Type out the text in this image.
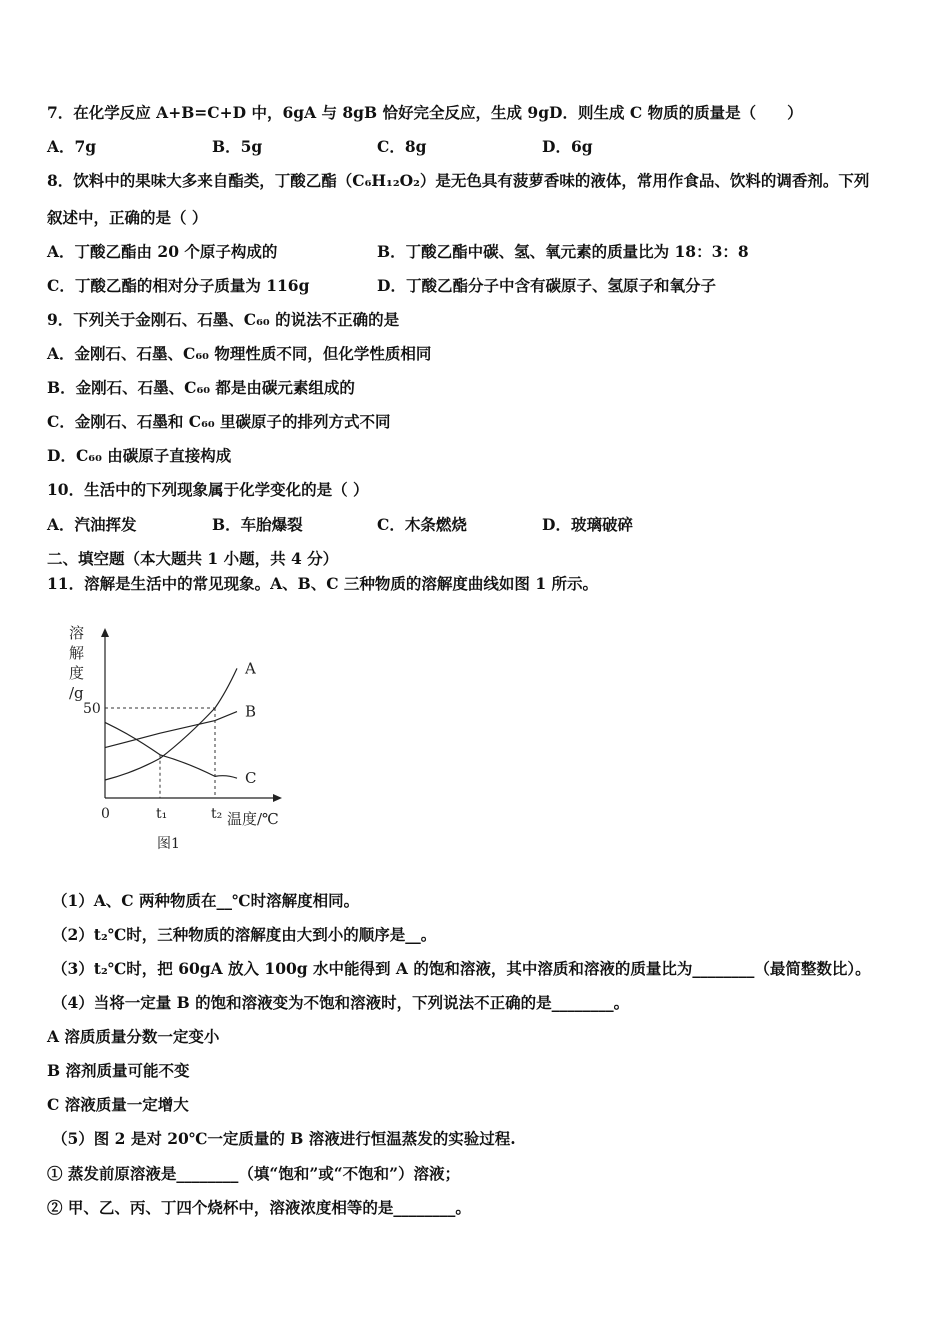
7．在化学反应 A+B=C+D 中，6gA 与 8gB 恰好完全反应，生成 9gD．则生成 C 物质的质量是（　　）
A．7g	B．5g	C．8g	D．6g
8．饮料中的果味大多来自酯类，丁酸乙酯（C₆H₁₂O₂）是无色具有菠萝香味的液体，常用作食品、饮料的调香剂。下列
叙述中，正确的是（ ）
A．丁酸乙酯由 20 个原子构成的	B．丁酸乙酯中碳、氢、氧元素的质量比为 18：3：8
C．丁酸乙酯的相对分子质量为 116g	D．丁酸乙酯分子中含有碳原子、氢原子和氧分子
9．下列关于金刚石、石墨、C₆₀ 的说法不正确的是
A．金刚石、石墨、C₆₀ 物理性质不同，但化学性质相同
B．金刚石、石墨、C₆₀ 都是由碳元素组成的
C．金刚石、石墨和 C₆₀ 里碳原子的排列方式不同
D．C₆₀ 由碳原子直接构成
10．生活中的下列现象属于化学变化的是（ ）
A．汽油挥发	B．车胎爆裂	C．木条燃烧	D．玻璃破碎
二、填空题（本大题共 1 小题，共 4 分）
11．溶解是生活中的常见现象。A、B、C 三种物质的溶解度曲线如图 1 所示。
溶解度/g
A
B
C
50
0	t₁	t₂ 温度/℃
图1
（1）A、C 两种物质在__℃时溶解度相同。
（2）t₂℃时，三种物质的溶解度由大到小的顺序是__。
（3）t₂℃时，把 60gA 放入 100g 水中能得到 A 的饱和溶液，其中溶质和溶液的质量比为________（最简整数比）。
（4）当将一定量 B 的饱和溶液变为不饱和溶液时，下列说法不正确的是________。
A 溶质质量分数一定变小
B 溶剂质量可能不变
C 溶液质量一定增大
（5）图 2 是对 20℃一定质量的 B 溶液进行恒温蒸发的实验过程.
① 蒸发前原溶液是________（填“饱和”或“不饱和”）溶液；
② 甲、乙、丙、丁四个烧杯中，溶液浓度相等的是________。
